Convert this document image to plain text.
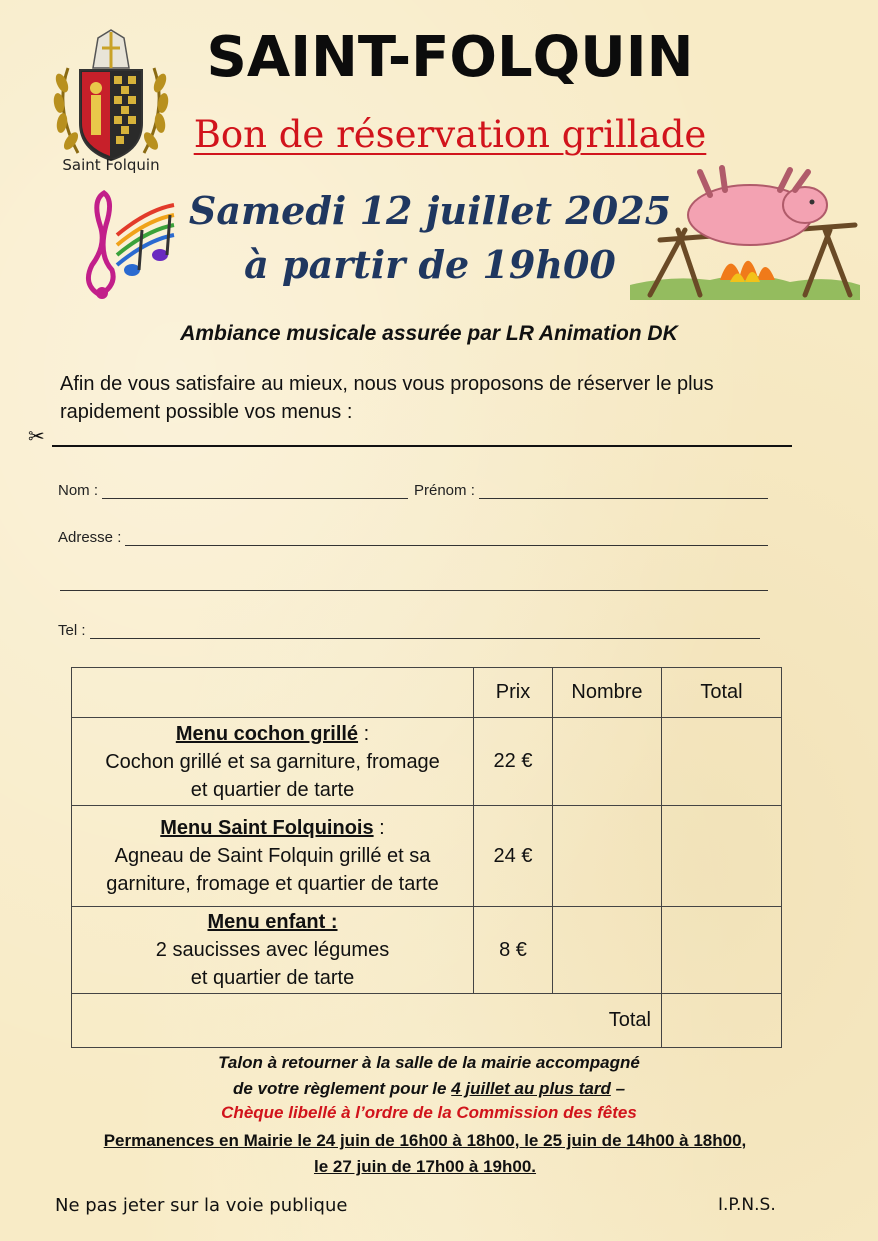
Saint Folquin
SAINT-FOLQUIN
Bon de réservation grillade
Samedi 12 juillet 2025
à partir de 19h00
Ambiance musicale assurée par LR Animation DK
Afin de vous satisfaire au mieux, nous vous proposons de réserver le plus
rapidement possible vos menus :
✂
Nom :	Prénom :
Adresse :
Tel :
	Prix	Nombre	Total

Menu cochon grillé :
Cochon grillé et sa garniture, fromage
et quartier de tarte	22 €		

Menu Saint Folquinois :
Agneau de Saint Folquin grillé et sa
garniture, fromage et quartier de tarte	24 €		

Menu enfant :
2 saucisses avec légumes
et quartier de tarte	8 €		
Total			
Talon à retourner à la salle de la mairie accompagné
de votre règlement pour le 4 juillet au plus tard –
Chèque libellé à l’ordre de la Commission des fêtes
Permanences en Mairie le 24 juin de 16h00 à 18h00, le 25 juin de 14h00 à 18h00,
le 27 juin de 17h00 à 19h00.
Ne pas jeter sur la voie publique	I.P.N.S.
